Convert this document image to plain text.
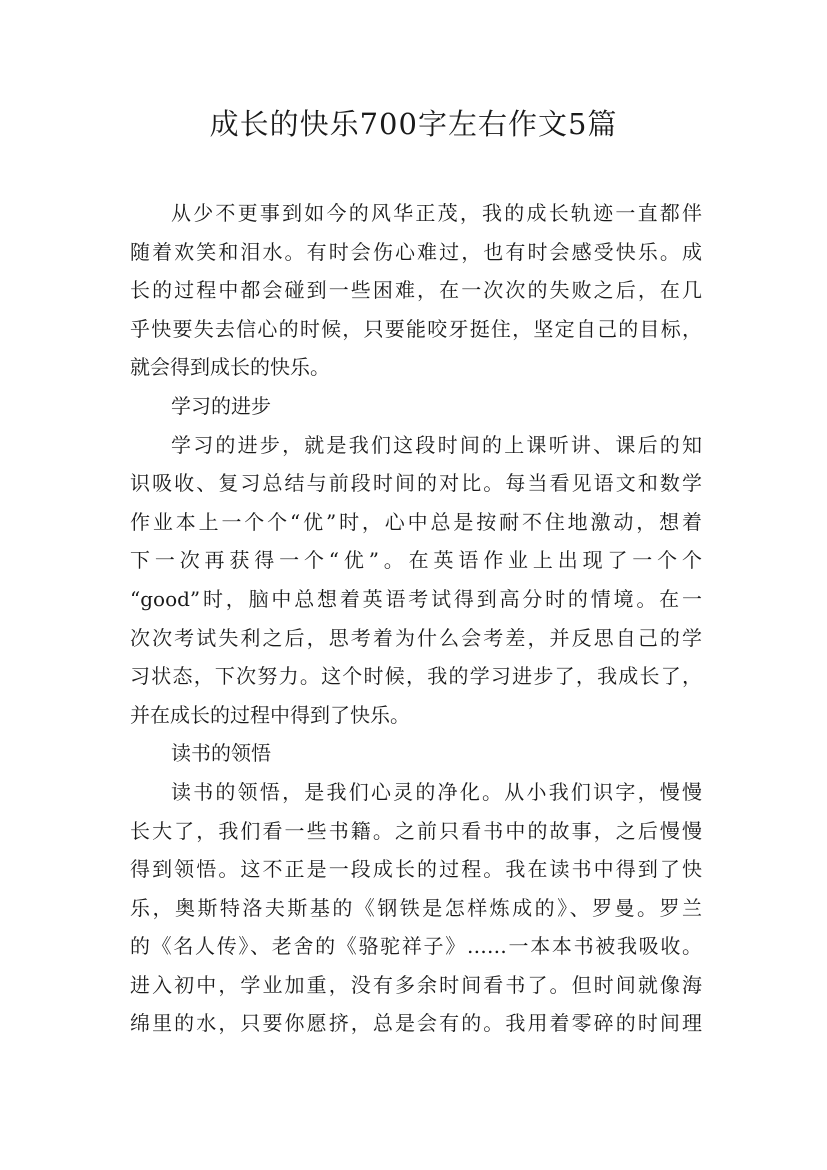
成长的快乐700字左右作文5篇
从少不更事到如今的风华正茂，我的成长轨迹一直都伴
随着欢笑和泪水。有时会伤心难过，也有时会感受快乐。成
长的过程中都会碰到一些困难，在一次次的失败之后，在几
乎快要失去信心的时候，只要能咬牙挺住，坚定自己的目标，
就会得到成长的快乐。
学习的进步
学习的进步，就是我们这段时间的上课听讲、课后的知
识吸收、复习总结与前段时间的对比。每当看见语文和数学
作业本上一个个“优”时，心中总是按耐不住地激动，想着
下一次再获得一个“优”。在英语作业上出现了一个个
“good”时，脑中总想着英语考试得到高分时的情境。在一
次次考试失利之后，思考着为什么会考差，并反思自己的学
习状态，下次努力。这个时候，我的学习进步了，我成长了，
并在成长的过程中得到了快乐。
读书的领悟
读书的领悟，是我们心灵的净化。从小我们识字，慢慢
长大了，我们看一些书籍。之前只看书中的故事，之后慢慢
得到领悟。这不正是一段成长的过程。我在读书中得到了快
乐，奥斯特洛夫斯基的《钢铁是怎样炼成的》、罗曼。罗兰
的《名人传》、老舍的《骆驼祥子》……一本本书被我吸收。
进入初中，学业加重，没有多余时间看书了。但时间就像海
绵里的水，只要你愿挤，总是会有的。我用着零碎的时间理
